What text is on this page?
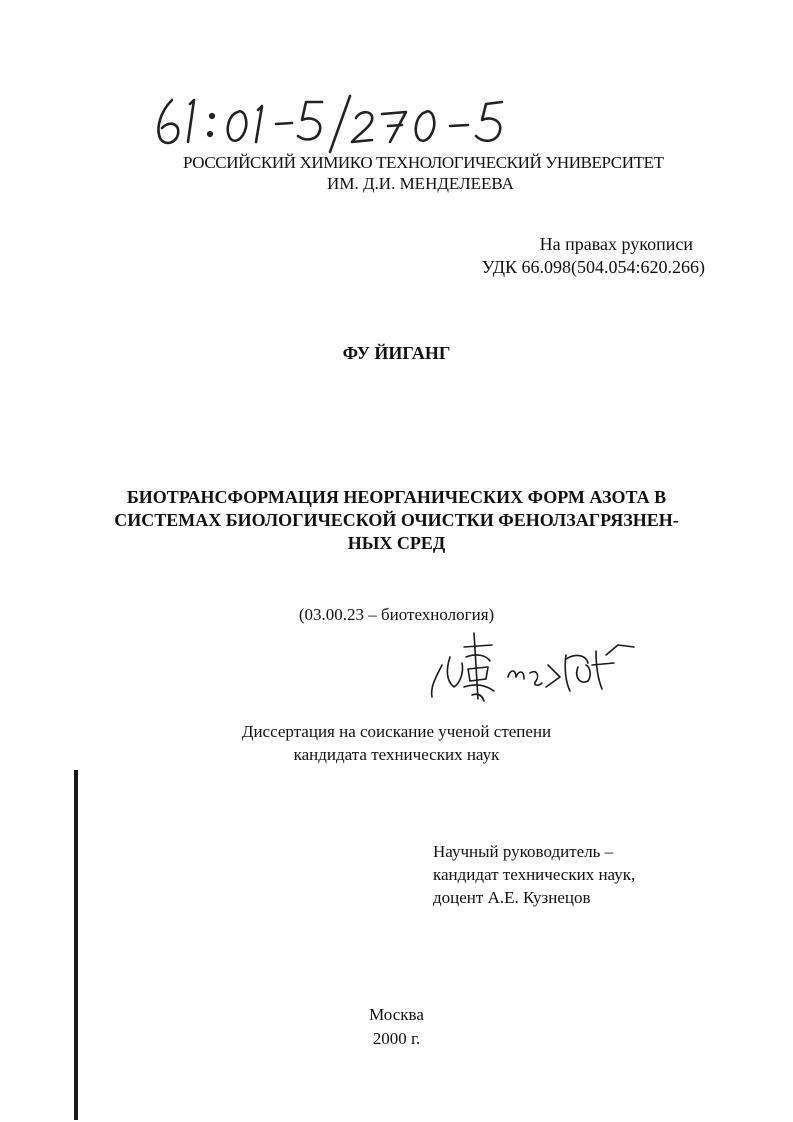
РОССИЙСКИЙ ХИМИКО ТЕХНОЛОГИЧЕСКИЙ УНИВЕРСИТЕТ
ИМ. Д.И. МЕНДЕЛЕЕВА
На правах рукописи
УДК 66.098(504.054:620.266)
ФУ ЙИГАНГ
БИОТРАНСФОРМАЦИЯ НЕОРГАНИЧЕСКИХ ФОРМ АЗОТА В
СИСТЕМАХ БИОЛОГИЧЕСКОЙ ОЧИСТКИ ФЕНОЛЗАГРЯЗНЕН-
НЫХ СРЕД
(03.00.23 – биотехнология)
Диссертация на соискание ученой степени
кандидата технических наук
Научный руководитель –
кандидат технических наук,
доцент А.Е. Кузнецов
Москва
2000 г.
